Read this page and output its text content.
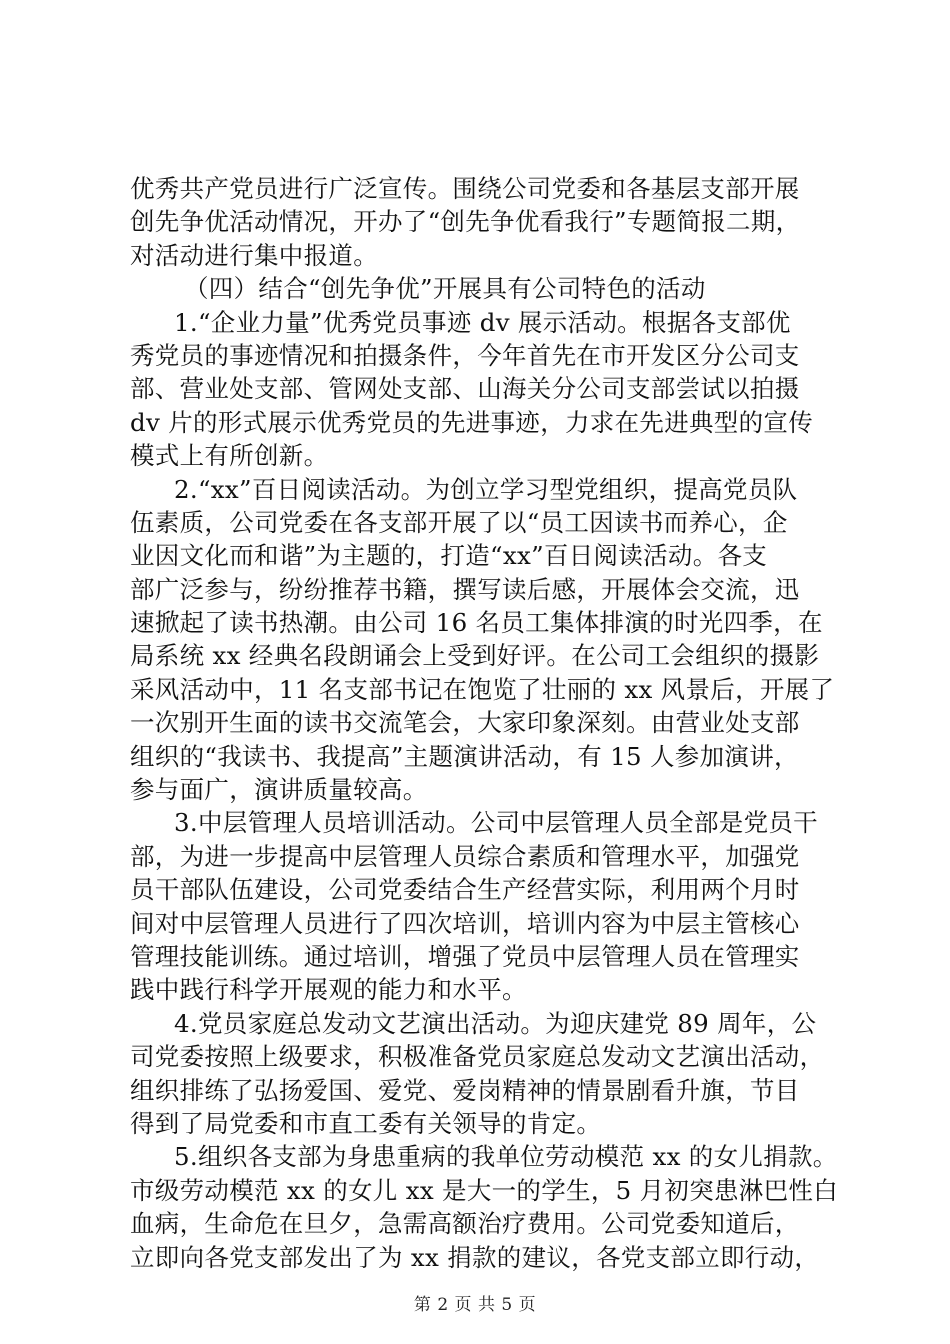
优秀共产党员进行广泛宣传。围绕公司党委和各基层支部开展
创先争优活动情况，开办了“创先争优看我行”专题简报二期，
对活动进行集中报道。
（四）结合“创先争优”开展具有公司特色的活动
1.“企业力量”优秀党员事迹 dv 展示活动。根据各支部优
秀党员的事迹情况和拍摄条件，今年首先在市开发区分公司支
部、营业处支部、管网处支部、山海关分公司支部尝试以拍摄
dv 片的形式展示优秀党员的先进事迹，力求在先进典型的宣传
模式上有所创新。
2.“xx”百日阅读活动。为创立学习型党组织，提高党员队
伍素质，公司党委在各支部开展了以“员工因读书而养心，企
业因文化而和谐”为主题的，打造“xx”百日阅读活动。各支
部广泛参与，纷纷推荐书籍，撰写读后感，开展体会交流，迅
速掀起了读书热潮。由公司 16 名员工集体排演的时光四季，在
局系统 xx 经典名段朗诵会上受到好评。在公司工会组织的摄影
采风活动中，11 名支部书记在饱览了壮丽的 xx 风景后，开展了
一次别开生面的读书交流笔会，大家印象深刻。由营业处支部
组织的“我读书、我提高”主题演讲活动，有 15 人参加演讲，
参与面广，演讲质量较高。
3.中层管理人员培训活动。公司中层管理人员全部是党员干
部，为进一步提高中层管理人员综合素质和管理水平，加强党
员干部队伍建设，公司党委结合生产经营实际，利用两个月时
间对中层管理人员进行了四次培训，培训内容为中层主管核心
管理技能训练。通过培训，增强了党员中层管理人员在管理实
践中践行科学开展观的能力和水平。
4.党员家庭总发动文艺演出活动。为迎庆建党 89 周年，公
司党委按照上级要求，积极准备党员家庭总发动文艺演出活动，
组织排练了弘扬爱国、爱党、爱岗精神的情景剧看升旗，节目
得到了局党委和市直工委有关领导的肯定。
5.组织各支部为身患重病的我单位劳动模范 xx 的女儿捐款。
市级劳动模范 xx 的女儿 xx 是大一的学生，5 月初突患淋巴性白
血病，生命危在旦夕，急需高额治疗费用。公司党委知道后，
立即向各党支部发出了为 xx 捐款的建议，各党支部立即行动，
第 2 页 共 5 页
